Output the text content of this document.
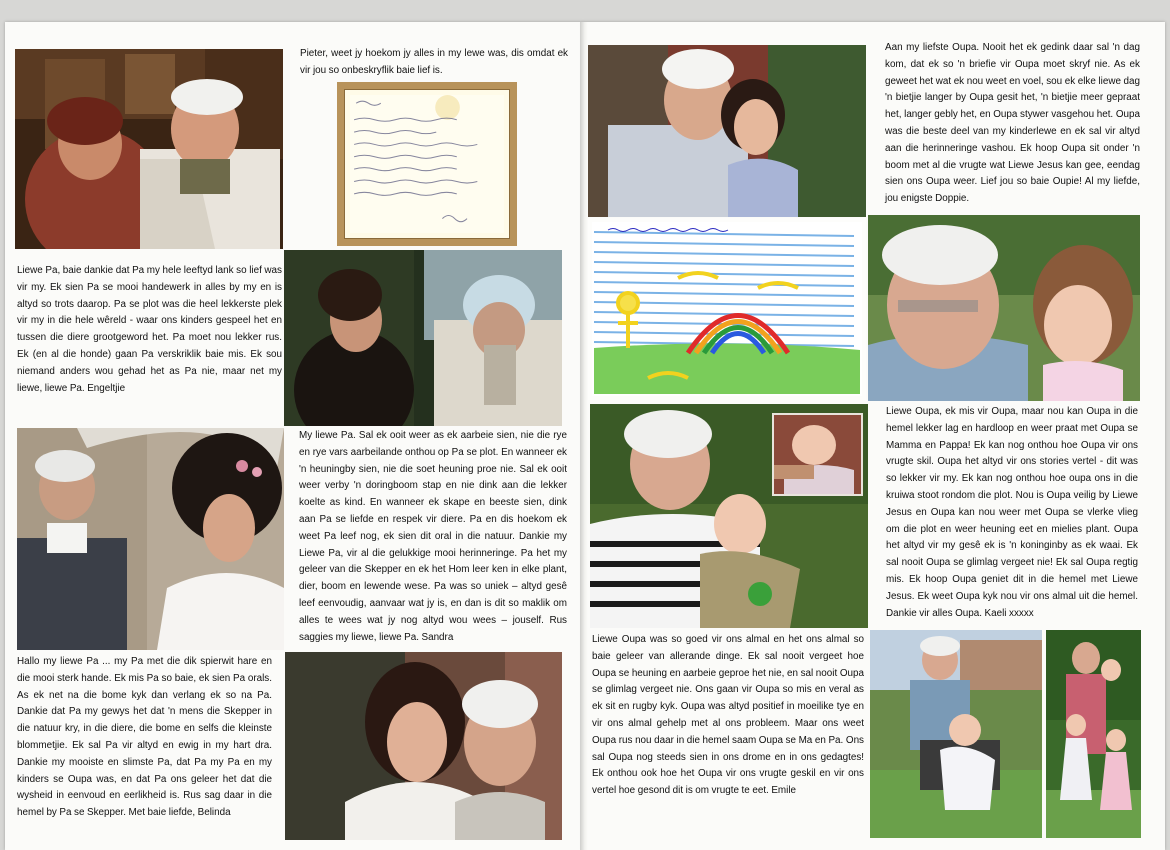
Pieter, weet jy hoekom jy alles in my lewe was, dis omdat ek vir jou so onbeskryflik baie lief is.

Liewe Pa, baie dankie dat Pa my hele leeftyd lank so lief was vir my. Ek sien Pa se mooi handewerk in alles by my en is altyd so trots daarop. Pa se plot was die heel lekkerste plek vir my in die hele wêreld - waar ons kinders gespeel het en tussen die diere grootgeword het. Pa moet nou lekker rus. Ek (en al die honde) gaan Pa verskriklik baie mis. Ek sou niemand anders wou gehad het as Pa nie, maar net my liewe, liewe Pa. Engeltjie

My liewe Pa. Sal ek ooit weer as ek aarbeie sien, nie die rye en rye vars aarbeilande onthou op Pa se plot. En wanneer ek 'n heuningby sien, nie die soet heuning proe nie. Sal ek ooit weer verby 'n doringboom stap en nie dink aan die lekker koelte as kind. En wanneer ek skape en beeste sien, dink aan Pa se liefde en respek vir diere. Pa en dis hoekom ek weet Pa leef nog, ek sien dit oral in die natuur. Dankie my Liewe Pa, vir al die gelukkige mooi herinneringe. Pa het my geleer van die Skepper en ek het Hom leer ken in elke plant, dier, boom en lewende wese. Pa was so uniek – altyd gesê leef eenvoudig, aanvaar wat jy is, en dan is dit so maklik om alles te wees wat jy nog altyd wou wees – jouself. Rus saggies my liewe, liewe Pa. Sandra

Hallo my liewe Pa ... my Pa met die dik spierwit hare en die mooi sterk hande. Ek mis Pa so baie, ek sien Pa orals. As ek net na die bome kyk dan verlang ek so na Pa. Dankie dat Pa my gewys het dat 'n mens die Skepper in die natuur kry, in die diere, die bome en selfs die kleinste blommetjie. Ek sal Pa vir altyd en ewig in my hart dra. Dankie my mooiste en slimste Pa, dat Pa my Pa en my kinders se Oupa was, en dat Pa ons geleer het dat die wysheid in eenvoud en eerlikheid is. Rus sag daar in die hemel by Pa se Skepper. Met baie liefde, Belinda

Aan my liefste Oupa. Nooit het ek gedink daar sal 'n dag kom, dat ek so 'n briefie vir Oupa moet skryf nie. As ek geweet het wat ek nou weet en voel, sou ek elke liewe dag 'n bietjie langer by Oupa gesit het, 'n bietjie meer gepraat het, langer gebly het, en Oupa stywer vasgehou het. Oupa was die beste deel van my kinderlewe en ek sal vir altyd aan die herinneringe vashou. Ek hoop Oupa sit onder 'n boom met al die vrugte wat Liewe Jesus kan gee, eendag sien ons Oupa weer. Lief jou so baie Oupie! Al my liefde, jou enigste Doppie.

Liewe Oupa, ek mis vir Oupa, maar nou kan Oupa in die hemel lekker lag en hardloop en weer praat met Oupa se Mamma en Pappa! Ek kan nog onthou hoe Oupa vir ons vrugte skil. Oupa het altyd vir ons stories vertel - dit was so lekker vir my. Ek kan nog onthou hoe oupa ons in die kruiwa stoot rondom die plot. Nou is Oupa veilig by Liewe Jesus en Oupa kan nou weer met Oupa se vlerke vlieg om die plot en weer heuning eet en mielies plant. Oupa het altyd vir my gesê ek is 'n koninginby as ek waai. Ek sal nooit Oupa se glimlag vergeet nie! Ek sal Oupa regtig mis. Ek hoop Oupa geniet dit in die hemel met Liewe Jesus. Ek weet Oupa kyk nou vir ons almal uit die hemel. Dankie vir alles Oupa. Kaeli xxxxx

Liewe Oupa was so goed vir ons almal en het ons almal so baie geleer van allerande dinge. Ek sal nooit vergeet hoe Oupa se heuning en aarbeie geproe het nie, en sal nooit Oupa se glimlag vergeet nie. Ons gaan vir Oupa so mis en veral as ek sit en rugby kyk. Oupa was altyd positief in moeilike tye en vir ons almal gehelp met al ons probleem. Maar ons weet Oupa rus nou daar in die hemel saam Oupa se Ma en Pa. Ons sal Oupa nog steeds sien in ons drome en in ons gedagtes! Ek onthou ook hoe het Oupa vir ons vrugte geskil en vir ons vertel hoe gesond dit is om vrugte te eet. Emile
